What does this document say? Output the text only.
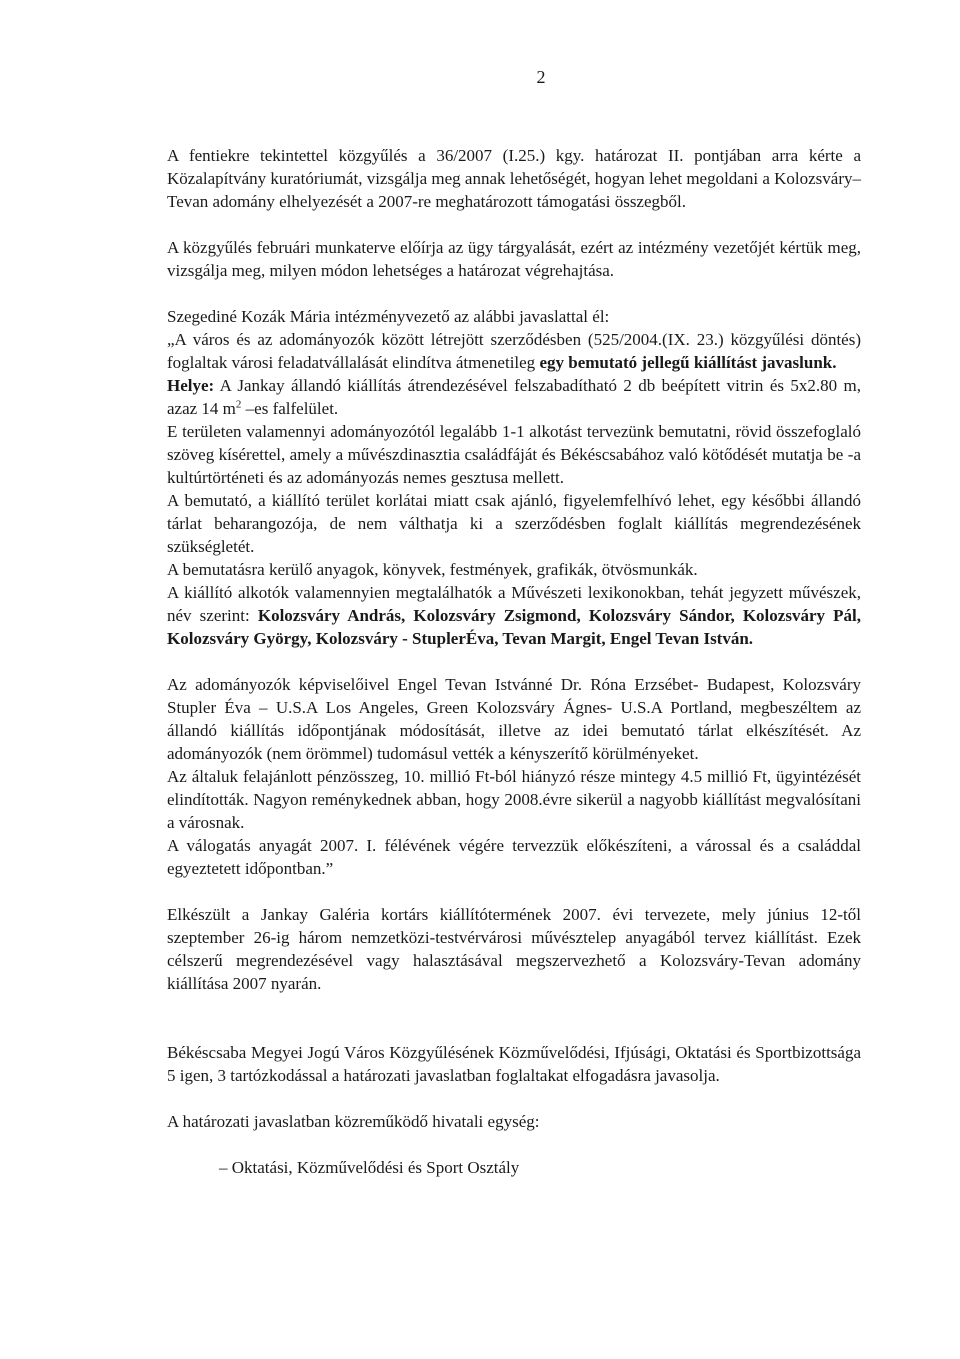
2

A fentiekre tekintettel közgyűlés a 36/2007 (I.25.) kgy. határozat II. pontjában arra kérte a Közalapítvány kuratóriumát, vizsgálja meg annak lehetőségét, hogyan lehet megoldani a Kolozsváry–Tevan adomány elhelyezését a 2007-re meghatározott támogatási összegből.

A közgyűlés februári munkaterve előírja az ügy tárgyalását, ezért az intézmény vezetőjét kértük meg, vizsgálja meg, milyen módon lehetséges a határozat végrehajtása.

Szegediné Kozák Mária intézményvezető az alábbi javaslattal él:

„A város és az adományozók között létrejött szerződésben (525/2004.(IX. 23.) közgyűlési döntés) foglaltak városi feladatvállalását elindítva átmenetileg egy bemutató jellegű kiállítást javaslunk.

Helye: A Jankay állandó kiállítás átrendezésével felszabadítható 2 db beépített vitrin és 5x2.80 m, azaz 14 $m^2$ –es falfelület.

E területen valamennyi adományozótól legalább 1-1 alkotást tervezünk bemutatni, rövid összefoglaló szöveg kísérettel, amely a művészdinasztia családfáját és Békéscsabához való kötődését mutatja be -a kultúrtörténeti és az adományozás nemes gesztusa mellett.

A bemutató, a kiállító terület korlátai miatt csak ajánló, figyelemfelhívó lehet, egy későbbi állandó tárlat beharangozója, de nem válthatja ki a szerződésben foglalt kiállítás megrendezésének szükségletét.

A bemutatásra kerülő anyagok, könyvek, festmények, grafikák, ötvösmunkák.

A kiállító alkotók valamennyien megtalálhatók a Művészeti lexikonokban, tehát jegyzett művészek, név szerint: Kolozsváry András, Kolozsváry Zsigmond, Kolozsváry Sándor, Kolozsváry Pál, Kolozsváry György, Kolozsváry - StuplerÉva, Tevan Margit, Engel Tevan István.

Az adományozók képviselőivel Engel Tevan Istvánné Dr. Róna Erzsébet- Budapest, Kolozsváry Stupler Éva – U.S.A Los Angeles, Green Kolozsváry Ágnes- U.S.A Portland, megbeszéltem az állandó kiállítás időpontjának módosítását, illetve az idei bemutató tárlat elkészítését. Az adományozók (nem örömmel) tudomásul vették a kényszerítő körülményeket.

Az általuk felajánlott pénzösszeg, 10. millió Ft-ból hiányzó része mintegy 4.5 millió Ft, ügyintézését elindították. Nagyon reménykednek abban, hogy 2008.évre sikerül a nagyobb kiállítást megvalósítani a városnak.

A válogatás anyagát 2007. I. félévének végére tervezzük előkészíteni, a várossal és a családdal egyeztetett időpontban.”

Elkészült a Jankay Galéria kortárs kiállítótermének 2007. évi tervezete, mely június 12-től szeptember 26-ig három nemzetközi-testvérvárosi művésztelep anyagából tervez kiállítást. Ezek célszerű megrendezésével vagy halasztásával megszervezhető a Kolozsváry-Tevan adomány kiállítása 2007 nyarán.

Békéscsaba Megyei Jogú Város Közgyűlésének Közművelődési, Ifjúsági, Oktatási és Sportbizottsága 5 igen, 3 tartózkodással a határozati javaslatban foglaltakat elfogadásra javasolja.

A határozati javaslatban közreműködő hivatali egység:

– Oktatási, Közművelődési és Sport Osztály
